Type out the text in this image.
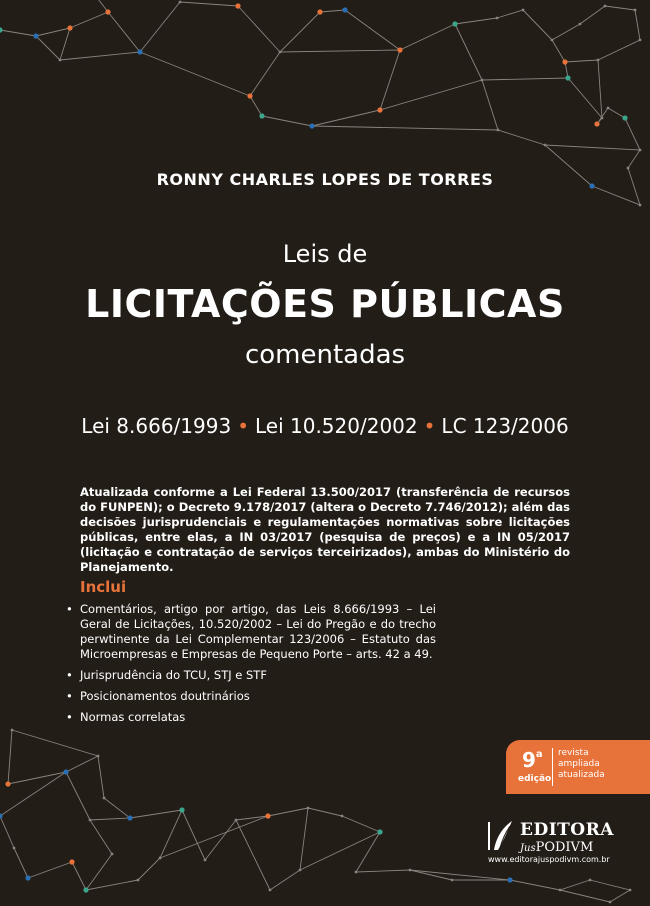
RONNY CHARLES LOPES DE TORRES
Leis de
LICITAÇÕES PÚBLICAS
comentadas
Lei 8.666/1993 • Lei 10.520/2002 • LC 123/2006
Atualizada conforme a Lei Federal 13.500/2017 (transferência de recursos do FUNPEN); o Decreto 9.178/2017 (altera o Decreto 7.746/2012); além das decisões jurisprudenciais e regulamentações normativas sobre licitações públicas, entre elas, a IN 03/2017 (pesquisa de preços) e a IN 05/2017 (licitação e contratação de serviços terceirizados), ambas do Ministério do Planejamento.
Inclui
• Comentários, artigo por artigo, das Leis 8.666/1993 – Lei Geral de Licitações, 10.520/2002 – Lei do Pregão e do trecho perwtinente da Lei Complementar 123/2006 – Estatuto das Microempresas e Empresas de Pequeno Porte – arts. 42 a 49.
• Jurisprudência do TCU, STJ e STF
• Posicionamentos doutrinários
• Normas correlatas
9$^a$
edição
revista
ampliada
atualizada
EDITORA
JusPODIVM
www.editorajuspodivm.com.br
